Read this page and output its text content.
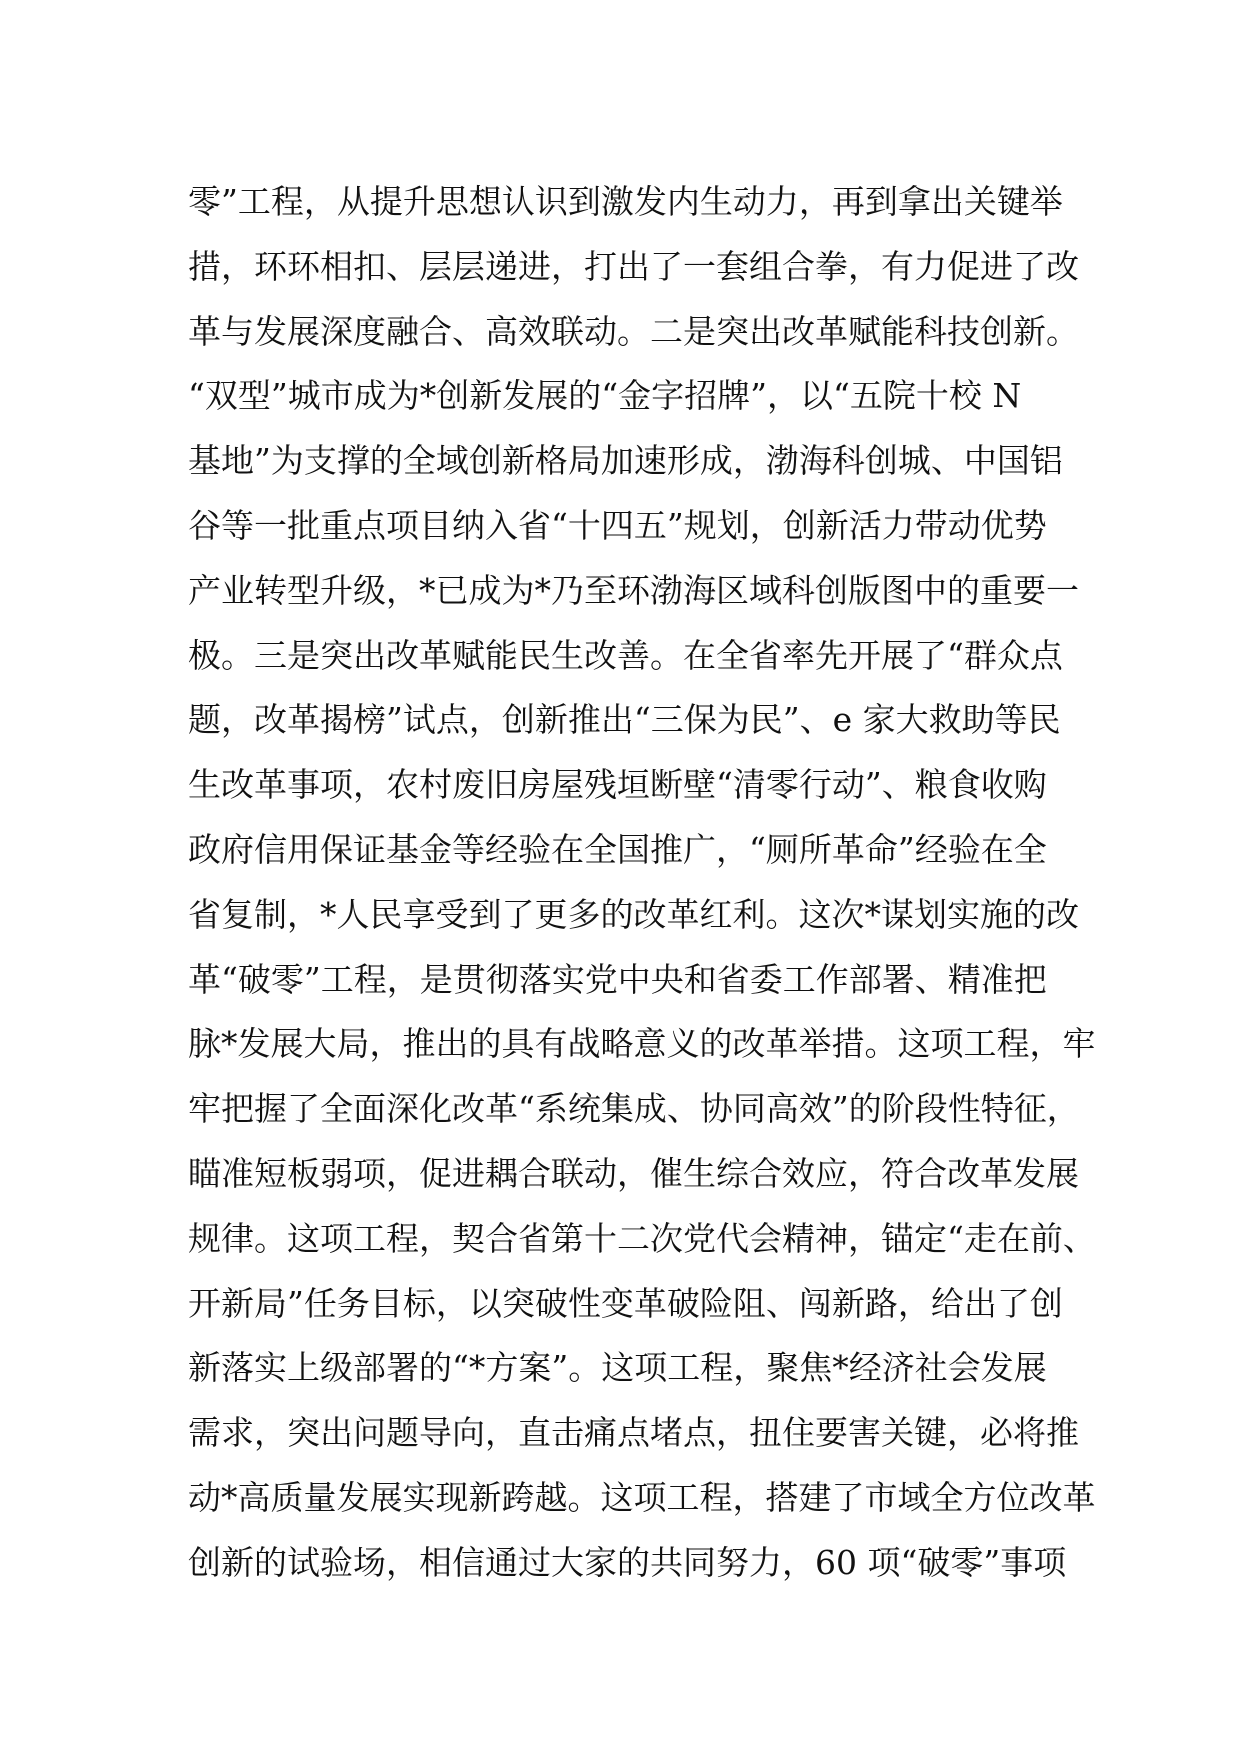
零”工程，从提升思想认识到激发内生动力，再到拿出关键举
措，环环相扣、层层递进，打出了一套组合拳，有力促进了改
革与发展深度融合、高效联动。二是突出改革赋能科技创新。
“双型”城市成为*创新发展的“金字招牌”，以“五院十校 N
基地”为支撑的全域创新格局加速形成，渤海科创城、中国铝
谷等一批重点项目纳入省“十四五”规划，创新活力带动优势
产业转型升级，*已成为*乃至环渤海区域科创版图中的重要一
极。三是突出改革赋能民生改善。在全省率先开展了“群众点
题，改革揭榜”试点，创新推出“三保为民”、e 家大救助等民
生改革事项，农村废旧房屋残垣断壁“清零行动”、粮食收购
政府信用保证基金等经验在全国推广，“厕所革命”经验在全
省复制，*人民享受到了更多的改革红利。这次*谋划实施的改
革“破零”工程，是贯彻落实党中央和省委工作部署、精准把
脉*发展大局，推出的具有战略意义的改革举措。这项工程，牢
牢把握了全面深化改革“系统集成、协同高效”的阶段性特征，
瞄准短板弱项，促进耦合联动，催生综合效应，符合改革发展
规律。这项工程，契合省第十二次党代会精神，锚定“走在前、
开新局”任务目标，以突破性变革破险阻、闯新路，给出了创
新落实上级部署的“*方案”。这项工程，聚焦*经济社会发展
需求，突出问题导向，直击痛点堵点，扭住要害关键，必将推
动*高质量发展实现新跨越。这项工程，搭建了市域全方位改革
创新的试验场，相信通过大家的共同努力，60 项“破零”事项
